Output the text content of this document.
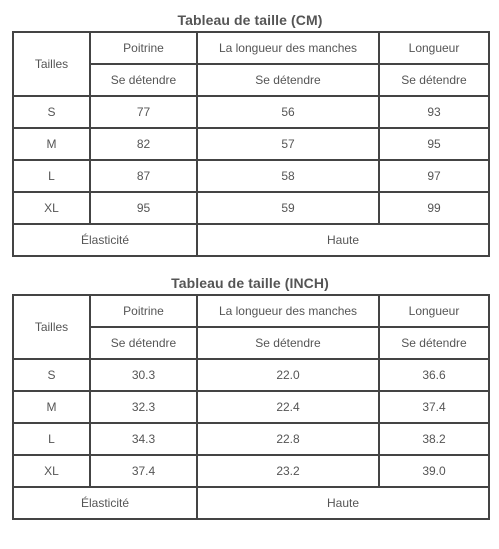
Tableau de taille (CM)
Tailles	Poitrine	La longueur des manches	Longueur
	Se détendre	Se détendre	Se détendre
S	77	56	93
M	82	57	95
L	87	58	97
XL	95	59	99
Élasticité		Haute	
Tableau de taille (INCH)
Tailles	Poitrine	La longueur des manches	Longueur
	Se détendre	Se détendre	Se détendre
S	30.3	22.0	36.6
M	32.3	22.4	37.4
L	34.3	22.8	38.2
XL	37.4	23.2	39.0
Élasticité		Haute	
